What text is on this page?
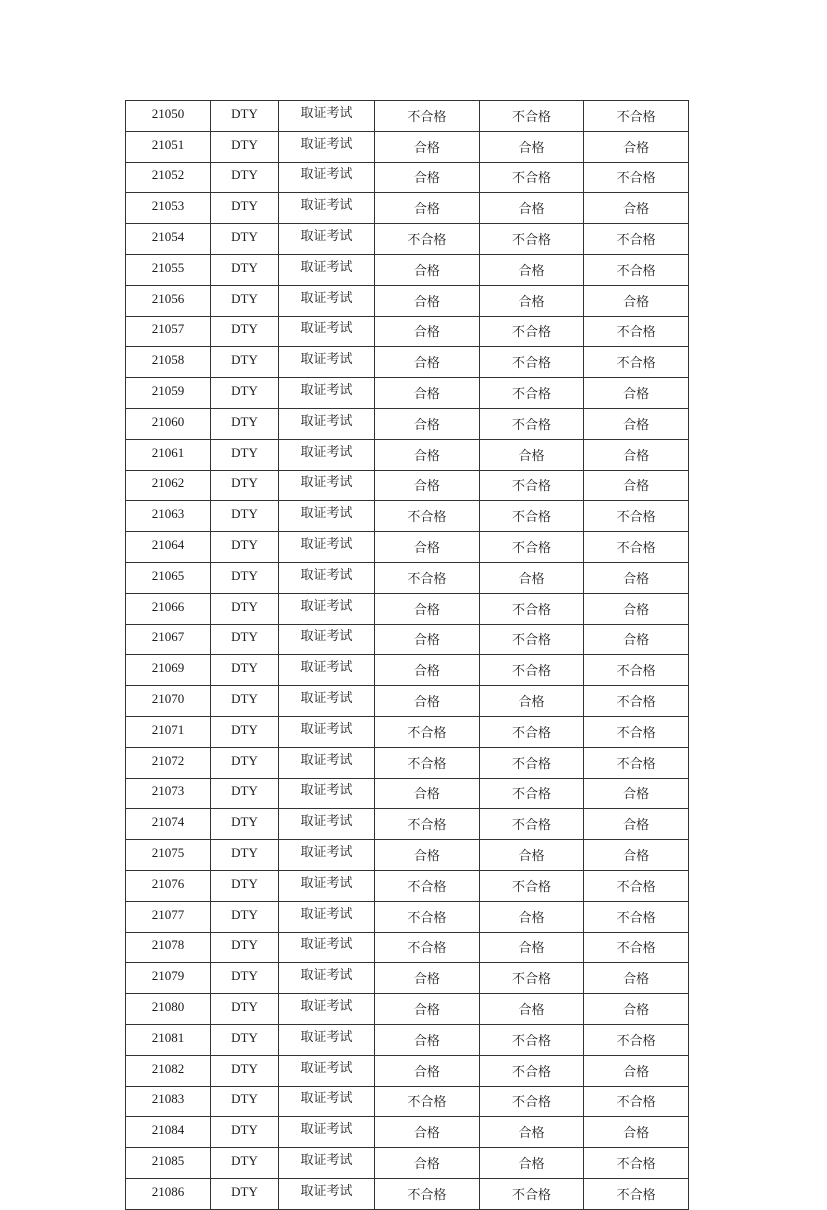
21050	DTY	取证考试	不合格	不合格	不合格
21051	DTY	取证考试	合格	合格	合格
21052	DTY	取证考试	合格	不合格	不合格
21053	DTY	取证考试	合格	合格	合格
21054	DTY	取证考试	不合格	不合格	不合格
21055	DTY	取证考试	合格	合格	不合格
21056	DTY	取证考试	合格	合格	合格
21057	DTY	取证考试	合格	不合格	不合格
21058	DTY	取证考试	合格	不合格	不合格
21059	DTY	取证考试	合格	不合格	合格
21060	DTY	取证考试	合格	不合格	合格
21061	DTY	取证考试	合格	合格	合格
21062	DTY	取证考试	合格	不合格	合格
21063	DTY	取证考试	不合格	不合格	不合格
21064	DTY	取证考试	合格	不合格	不合格
21065	DTY	取证考试	不合格	合格	合格
21066	DTY	取证考试	合格	不合格	合格
21067	DTY	取证考试	合格	不合格	合格
21069	DTY	取证考试	合格	不合格	不合格
21070	DTY	取证考试	合格	合格	不合格
21071	DTY	取证考试	不合格	不合格	不合格
21072	DTY	取证考试	不合格	不合格	不合格
21073	DTY	取证考试	合格	不合格	合格
21074	DTY	取证考试	不合格	不合格	合格
21075	DTY	取证考试	合格	合格	合格
21076	DTY	取证考试	不合格	不合格	不合格
21077	DTY	取证考试	不合格	合格	不合格
21078	DTY	取证考试	不合格	合格	不合格
21079	DTY	取证考试	合格	不合格	合格
21080	DTY	取证考试	合格	合格	合格
21081	DTY	取证考试	合格	不合格	不合格
21082	DTY	取证考试	合格	不合格	合格
21083	DTY	取证考试	不合格	不合格	不合格
21084	DTY	取证考试	合格	合格	合格
21085	DTY	取证考试	合格	合格	不合格
21086	DTY	取证考试	不合格	不合格	不合格
